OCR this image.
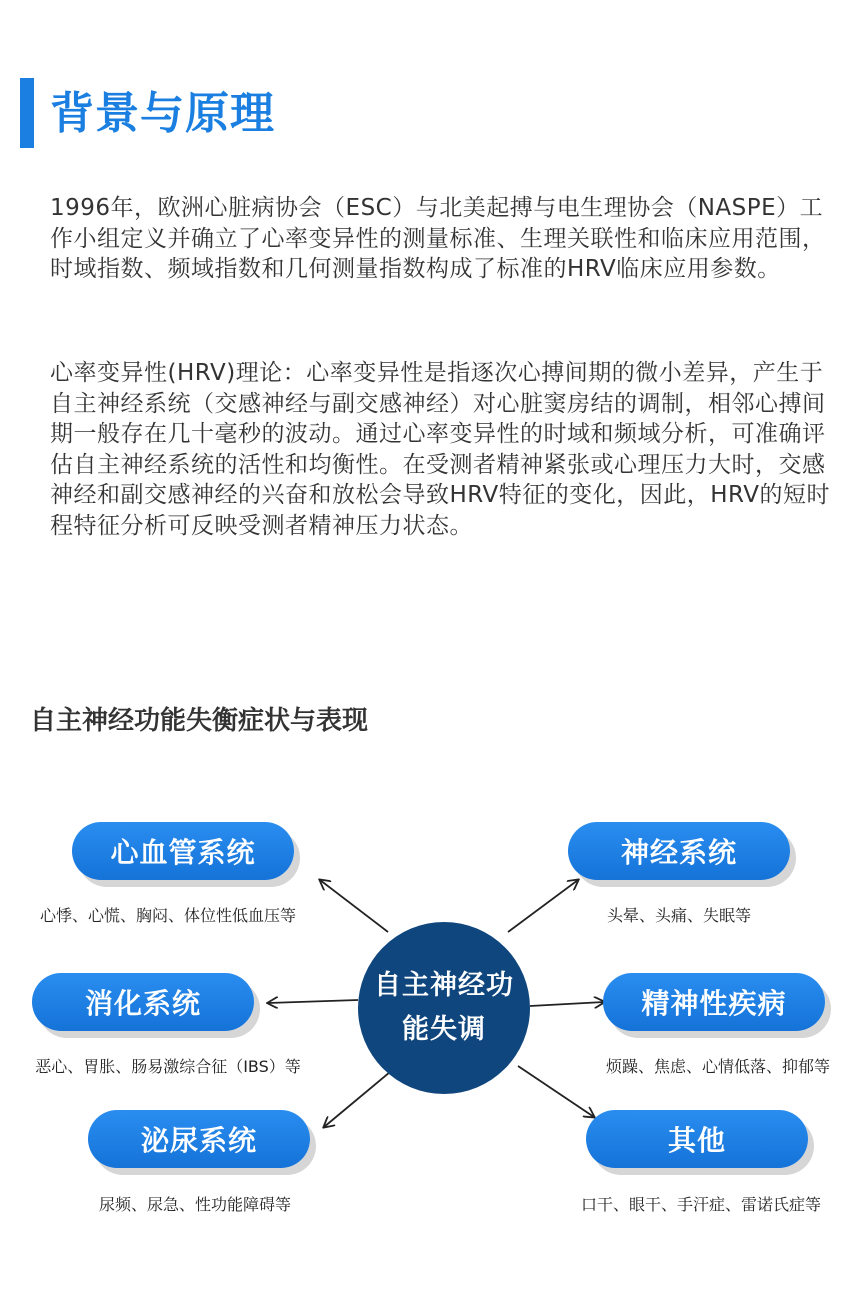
背景与原理

1996年，欧洲心脏病协会（ESC）与北美起搏与电生理协会（NASPE）工作小组定义并确立了心率变异性的测量标准、生理关联性和临床应用范围，时域指数、频域指数和几何测量指数构成了标准的HRV临床应用参数。

心率变异性(HRV)理论：心率变异性是指逐次心搏间期的微小差异，产生于自主神经系统（交感神经与副交感神经）对心脏窦房结的调制，相邻心搏间期一般存在几十毫秒的波动。通过心率变异性的时域和频域分析，可准确评估自主神经系统的活性和均衡性。在受测者精神紧张或心理压力大时，交感神经和副交感神经的兴奋和放松会导致HRV特征的变化，因此，HRV的短时程特征分析可反映受测者精神压力状态。

自主神经功能失衡症状与表现
自主神经功能失调
心血管系统
心悸、心慌、胸闷、体位性低血压等
神经系统
头晕、头痛、失眠等
消化系统
恶心、胃胀、肠易激综合征（IBS）等
精神性疾病
烦躁、焦虑、心情低落、抑郁等
泌尿系统
尿频、尿急、性功能障碍等
其他
口干、眼干、手汗症、雷诺氏症等
